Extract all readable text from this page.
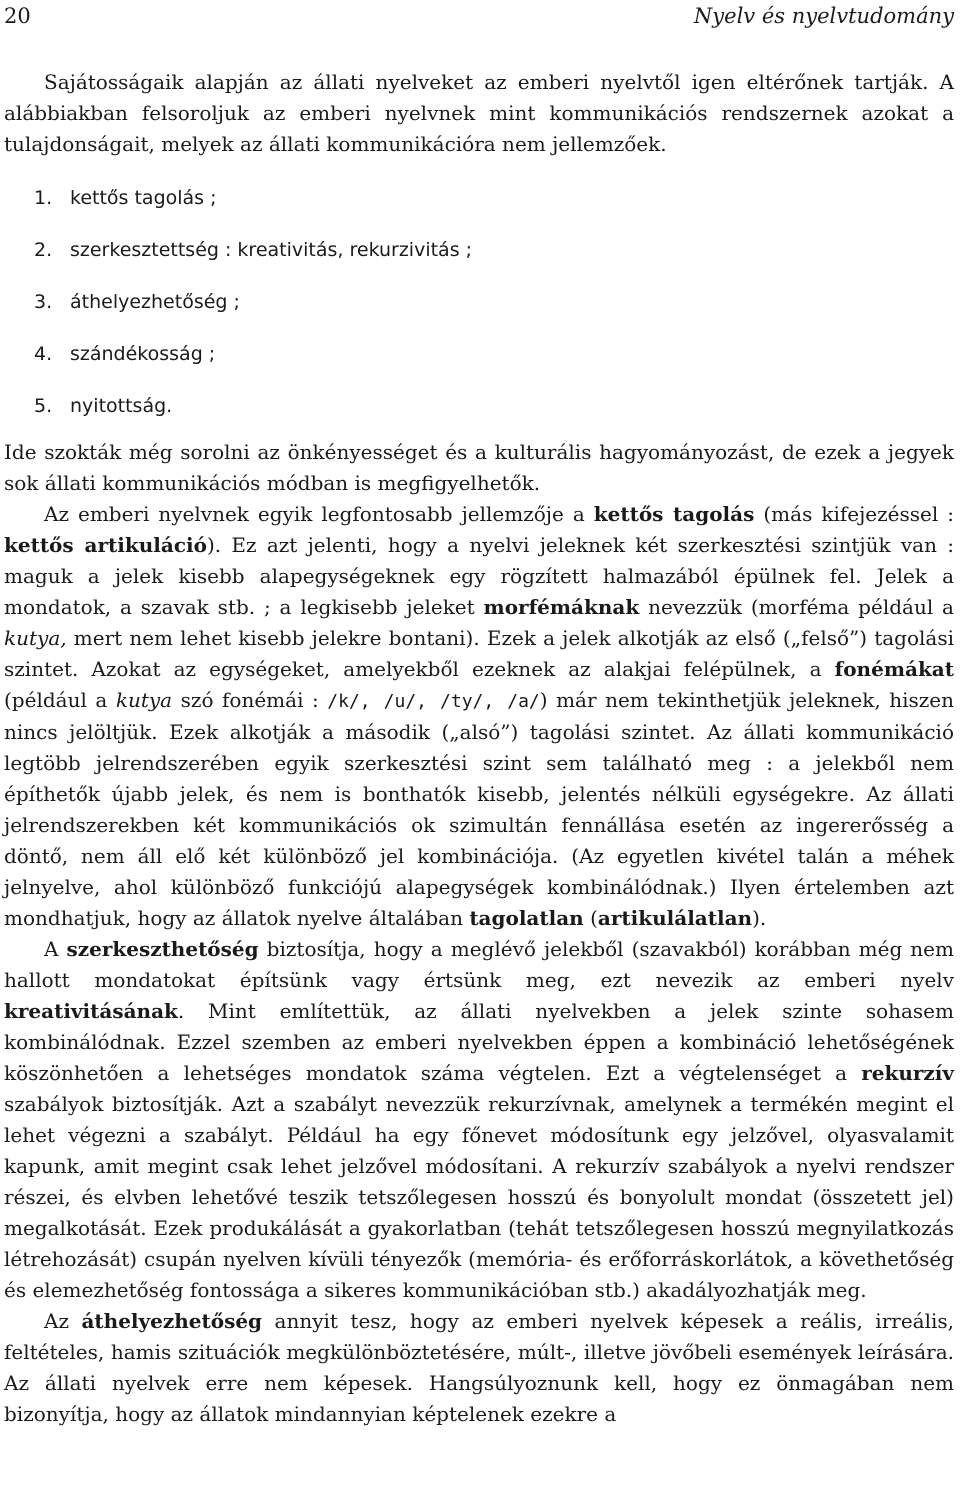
20	Nyelv és nyelvtudomány

Sajátosságaik alapján az állati nyelveket az emberi nyelvtől igen eltérőnek tartják. A alábbiakban felsoroljuk az emberi nyelvnek mint kommunikációs rendszernek azokat a tulajdonságait, melyek az állati kommunikációra nem jellemzőek.

1. kettős tagolás ;
2. szerkesztettség : kreativitás, rekurzivitás ;
3. áthelyezhetőség ;
4. szándékosság ;
5. nyitottság.

Ide szokták még sorolni az önkényességet és a kulturális hagyományozást, de ezek a jegyek sok állati kommunikációs módban is megfigyelhetők.

Az emberi nyelvnek egyik legfontosabb jellemzője a kettős tagolás (más kifejezéssel : kettős artikuláció). Ez azt jelenti, hogy a nyelvi jeleknek két szerkesztési szintjük van : maguk a jelek kisebb alapegységeknek egy rögzített halmazából épülnek fel. Jelek a mondatok, a szavak stb. ; a legkisebb jeleket morfémáknak nevezzük (morféma például a kutya, mert nem lehet kisebb jelekre bontani). Ezek a jelek alkotják az első („felső”) tagolási szintet. Azokat az egységeket, amelyekből ezeknek az alakjai felépülnek, a fonémákat (például a kutya szó fonémái : /k/, /u/, /ty/, /a/) már nem tekinthetjük jeleknek, hiszen nincs jelöltjük. Ezek alkotják a második („alsó”) tagolási szintet. Az állati kommunikáció legtöbb jelrendszerében egyik szerkesztési szint sem található meg : a jelekből nem építhetők újabb jelek, és nem is bonthatók kisebb, jelentés nélküli egységekre. Az állati jelrendszerekben két kommunikációs ok szimultán fennállása esetén az ingererősség a döntő, nem áll elő két különböző jel kombinációja. (Az egyetlen kivétel talán a méhek jelnyelve, ahol különböző funkciójú alapegységek kombinálódnak.) Ilyen értelemben azt mondhatjuk, hogy az állatok nyelve általában tagolatlan (artikulálatlan).

A szerkeszthetőség biztosítja, hogy a meglévő jelekből (szavakból) korábban még nem hallott mondatokat építsünk vagy értsünk meg, ezt nevezik az emberi nyelv kreativitásának. Mint említettük, az állati nyelvekben a jelek szinte sohasem kombinálódnak. Ezzel szemben az emberi nyelvekben éppen a kombináció lehetőségének köszönhetően a lehetséges mondatok száma végtelen. Ezt a végtelenséget a rekurzív szabályok biztosítják. Azt a szabályt nevezzük rekurzívnak, amelynek a termékén megint el lehet végezni a szabályt. Például ha egy főnevet módosítunk egy jelzővel, olyasvalamit kapunk, amit megint csak lehet jelzővel módosítani. A rekurzív szabályok a nyelvi rendszer részei, és elvben lehetővé teszik tetszőlegesen hosszú és bonyolult mondat (összetett jel) megalkotását. Ezek produkálását a gyakorlatban (tehát tetszőlegesen hosszú megnyilatkozás létrehozását) csupán nyelven kívüli tényezők (memória- és erőforráskorlátok, a követhetőség és elemezhetőség fontossága a sikeres kommunikációban stb.) akadályozhatják meg.

Az áthelyezhetőség annyit tesz, hogy az emberi nyelvek képesek a reális, irreális, feltételes, hamis szituációk megkülönböztetésére, múlt-, illetve jövőbeli események leírására. Az állati nyelvek erre nem képesek. Hangsúlyoznunk kell, hogy ez önmagában nem bizonyítja, hogy az állatok mindannyian képtelenek ezekre a
